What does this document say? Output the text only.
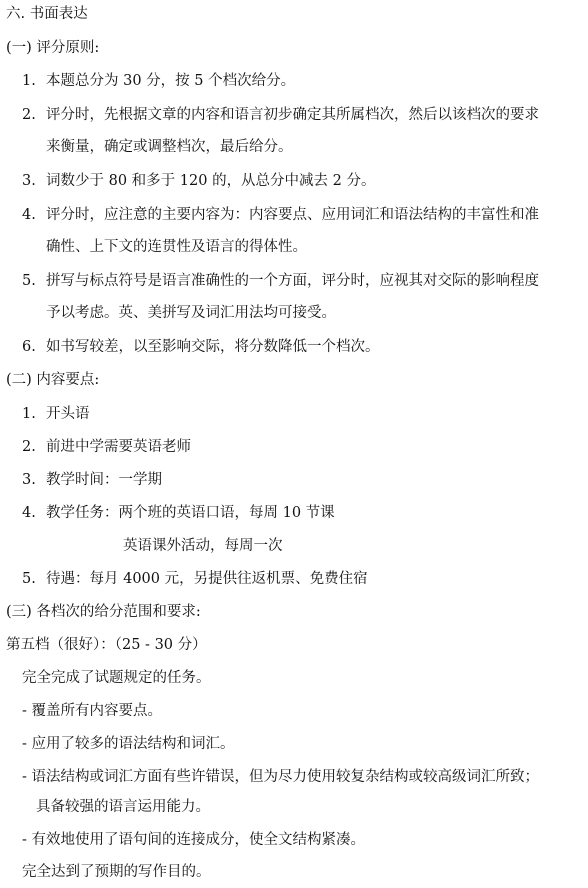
六. 书面表达
(一) 评分原则:
1. 本题总分为 30 分，按 5 个档次给分。
2. 评分时，先根据文章的内容和语言初步确定其所属档次，然后以该档次的要求
来衡量，确定或调整档次，最后给分。
3. 词数少于 80 和多于 120 的，从总分中减去 2 分。
4. 评分时，应注意的主要内容为：内容要点、应用词汇和语法结构的丰富性和准
确性、上下文的连贯性及语言的得体性。
5. 拼写与标点符号是语言准确性的一个方面，评分时，应视其对交际的影响程度
予以考虑。英、美拼写及词汇用法均可接受。
6. 如书写较差，以至影响交际，将分数降低一个档次。
(二) 内容要点:
1. 开头语
2. 前进中学需要英语老师
3. 教学时间：一学期
4. 教学任务：两个班的英语口语，每周 10 节课
英语课外活动，每周一次
5. 待遇：每月 4000 元，另提供往返机票、免费住宿
(三) 各档次的给分范围和要求:
第五档（很好）：（25 - 30 分）
完全完成了试题规定的任务。
- 覆盖所有内容要点。
- 应用了较多的语法结构和词汇。
- 语法结构或词汇方面有些许错误，但为尽力使用较复杂结构或较高级词汇所致；
具备较强的语言运用能力。
- 有效地使用了语句间的连接成分，使全文结构紧凑。
完全达到了预期的写作目的。
